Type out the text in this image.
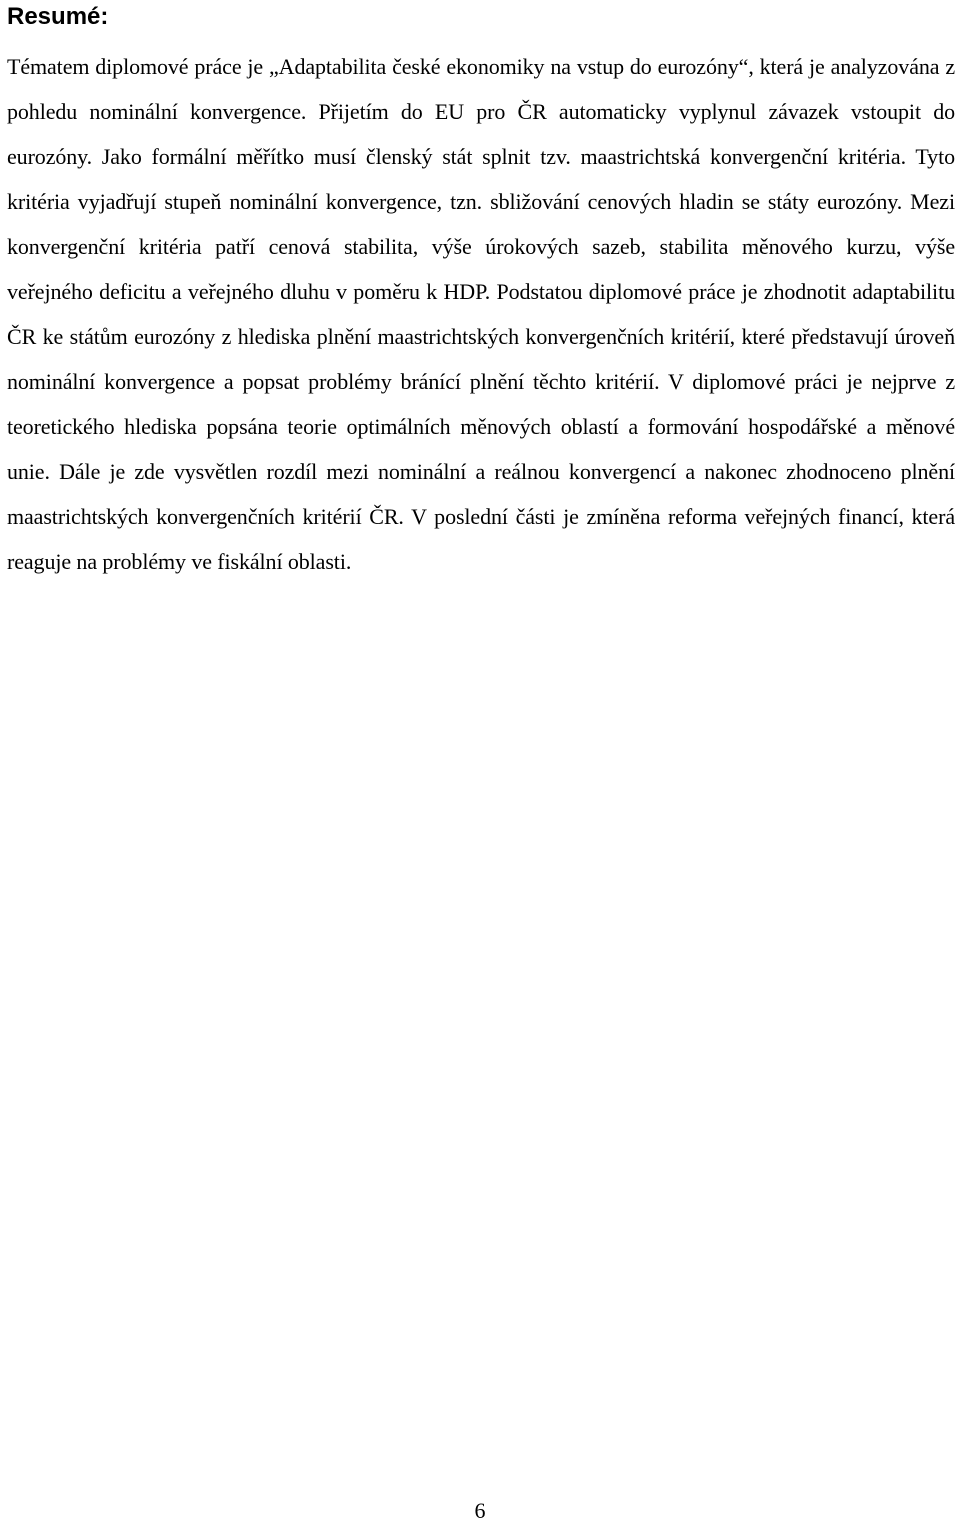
Resumé:

Tématem diplomové práce je „Adaptabilita české ekonomiky na vstup do eurozóny“, která je analyzována z pohledu nominální konvergence. Přijetím do EU pro ČR automaticky vyplynul závazek vstoupit do eurozóny. Jako formální měřítko musí členský stát splnit tzv. maastrichtská konvergenční kritéria. Tyto kritéria vyjadřují stupeň nominální konvergence, tzn. sbližování cenových hladin se státy eurozóny. Mezi konvergenční kritéria patří cenová stabilita, výše úrokových sazeb, stabilita měnového kurzu, výše veřejného deficitu a veřejného dluhu v poměru k HDP. Podstatou diplomové práce je zhodnotit adaptabilitu ČR ke státům eurozóny z hlediska plnění maastrichtských konvergenčních kritérií, které představují úroveň nominální konvergence a popsat problémy bránící plnění těchto kritérií. V diplomové práci je nejprve z teoretického hlediska popsána teorie optimálních měnových oblastí a formování hospodářské a měnové unie. Dále je zde vysvětlen rozdíl mezi nominální a reálnou konvergencí a nakonec zhodnoceno plnění maastrichtských konvergenčních kritérií ČR. V poslední části je zmíněna reforma veřejných financí, která reaguje na problémy ve fiskální oblasti.

6
